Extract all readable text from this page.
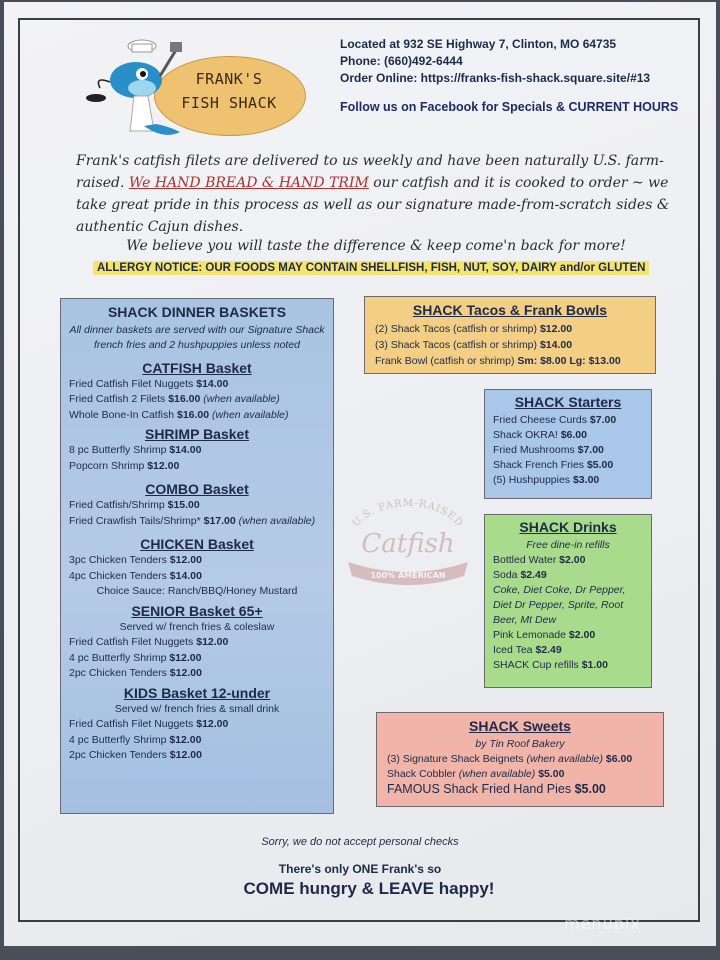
FRANK'S
FISH SHACK
Located at 932 SE Highway 7, Clinton, MO 64735
Phone: (660)492-6444
Order Online: https://franks-fish-shack.square.site/#13
Follow us on Facebook for Specials & CURRENT HOURS
Frank's catfish filets are delivered to us weekly and have been naturally U.S. farm-raised. We HAND BREAD & HAND TRIM our catfish and it is cooked to order ~ we take great pride in this process as well as our signature made-from-scratch sides & authentic Cajun dishes.
We believe you will taste the difference & keep come'n back for more!
ALLERGY NOTICE: OUR FOODS MAY CONTAIN SHELLFISH, FISH, NUT, SOY, DAIRY and/or GLUTEN
SHACK DINNER BASKETS
All dinner baskets are served with our Signature Shack french fries and 2 hushpuppies unless noted
CATFISH Basket
Fried Catfish Filet Nuggets $14.00
Fried Catfish 2 Filets $16.00 (when available)
Whole Bone-In Catfish $16.00 (when available)
SHRIMP Basket
8 pc Butterfly Shrimp $14.00
Popcorn Shrimp $12.00
COMBO Basket
Fried Catfish/Shrimp $15.00
Fried Crawfish Tails/Shrimp* $17.00 (when available)
CHICKEN Basket
3pc Chicken Tenders $12.00
4pc Chicken Tenders $14.00
Choice Sauce: Ranch/BBQ/Honey Mustard
SENIOR Basket 65+
Served w/ french fries & coleslaw
Fried Catfish Filet Nuggets $12.00
4 pc Butterfly Shrimp $12.00
2pc Chicken Tenders $12.00
KIDS Basket 12-under
Served w/ french fries & small drink
Fried Catfish Filet Nuggets $12.00
4 pc Butterfly Shrimp $12.00
2pc Chicken Tenders $12.00
SHACK Tacos & Frank Bowls
(2) Shack Tacos (catfish or shrimp) $12.00
(3) Shack Tacos (catfish or shrimp) $14.00
Frank Bowl (catfish or shrimp) Sm: $8.00 Lg: $13.00
SHACK Starters
Fried Cheese Curds $7.00
Shack OKRA! $6.00
Fried Mushrooms $7.00
Shack French Fries $5.00
(5) Hushpuppies $3.00
SHACK Drinks
Free dine-in refills
Bottled Water $2.00
Soda $2.49
Coke, Diet Coke, Dr Pepper, Diet Dr Pepper, Sprite, Root Beer, Mt Dew
Pink Lemonade $2.00
Iced Tea $2.49
SHACK Cup refills $1.00
SHACK Sweets
by Tin Roof Bakery
(3) Signature Shack Beignets (when available) $6.00
Shack Cobbler (when available) $5.00
FAMOUS Shack Fried Hand Pies $5.00
U.S. FARM-RAISED
Catfish
100% AMERICAN
Sorry, we do not accept personal checks
There's only ONE Frank's so
COME hungry & LEAVE happy!
menupix
